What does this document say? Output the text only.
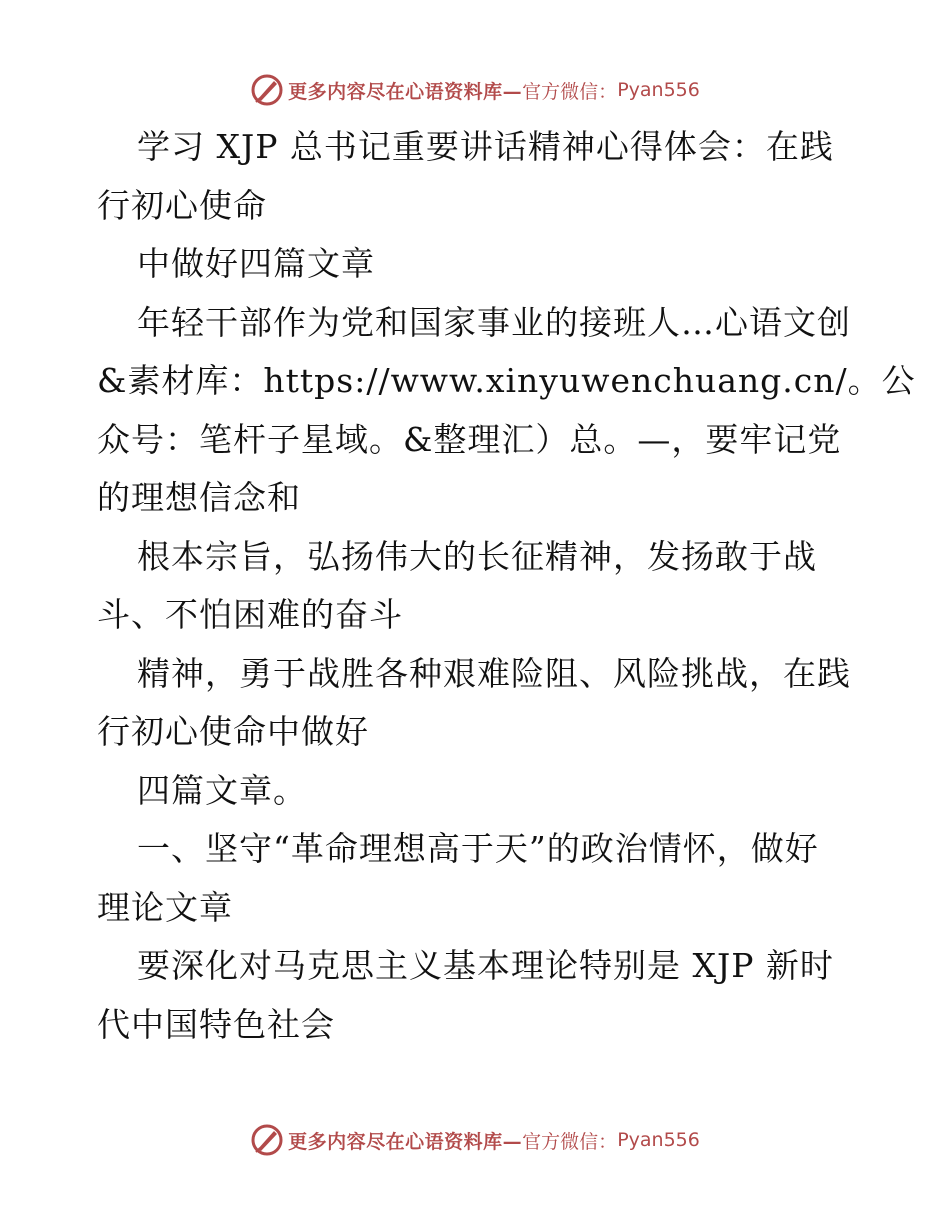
更多内容尽在心语资料库— 官方微信： Pyan556
学习 XJP 总书记重要讲话精神心得体会：在践
行初心使命
中做好四篇文章
年轻干部作为党和国家事业的接班人…心语文创
&素材库：https://www.xinyuwenchuang.cn/。公
众号：笔杆子星域。&整理汇）总。—，要牢记党
的理想信念和
根本宗旨，弘扬伟大的长征精神，发扬敢于战
斗、不怕困难的奋斗
精神，勇于战胜各种艰难险阻、风险挑战，在践
行初心使命中做好
四篇文章。
一、坚守“革命理想高于天”的政治情怀，做好
理论文章
要深化对马克思主义基本理论特别是 XJP 新时
代中国特色社会
更多内容尽在心语资料库— 官方微信： Pyan556
